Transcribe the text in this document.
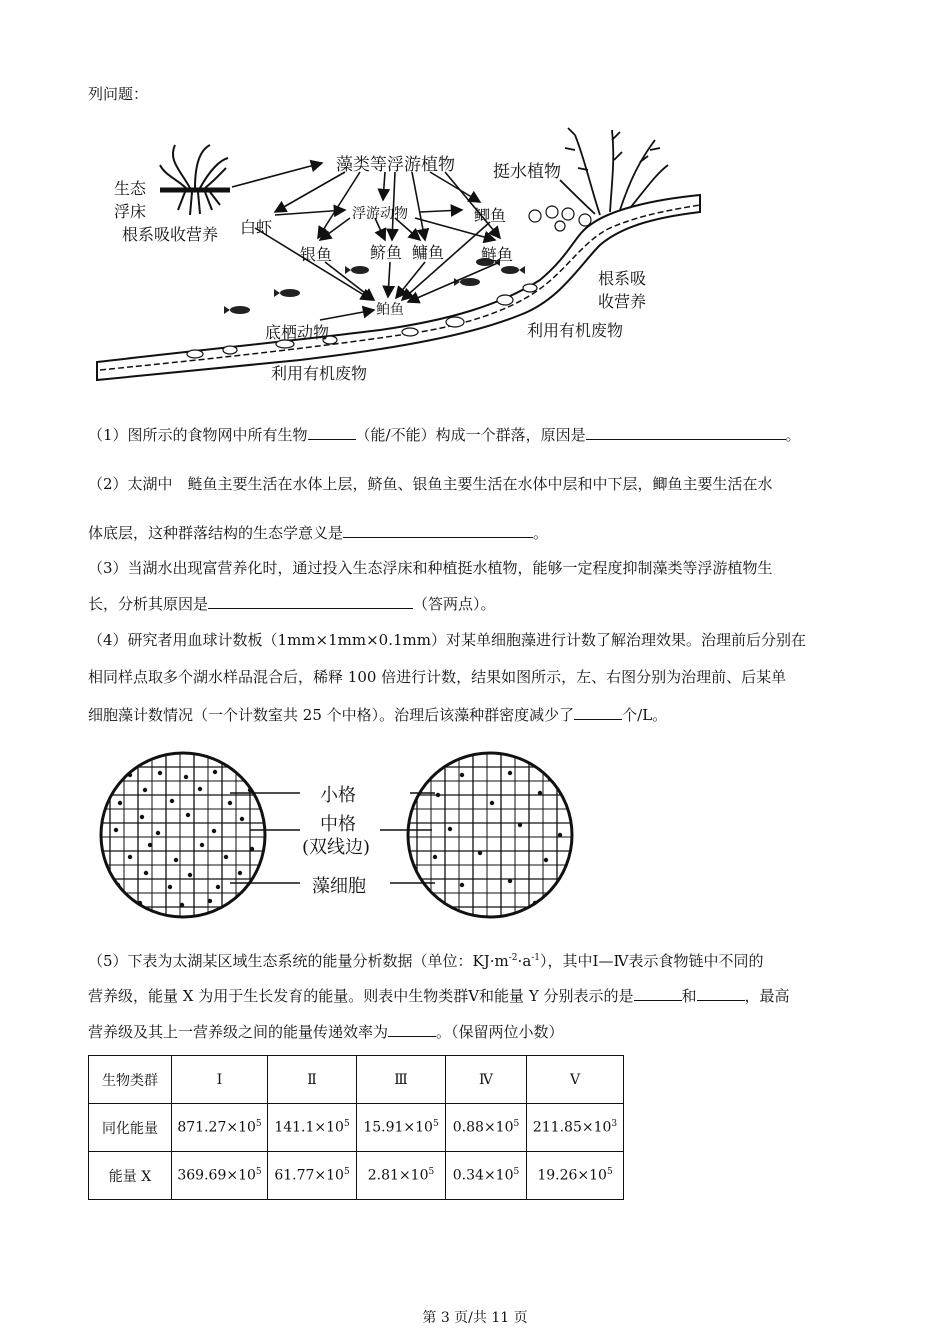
列问题：
藻类等浮游植物 挺水植物
生态
浮床
根系吸收营养
浮游动物
白虾
鲫鱼
银鱼 鲚鱼 鳙鱼 鲢鱼
鲌鱼
根系吸
收营养
底栖动物	利用有机废物
利用有机废物
（1）图所示的食物网中所有生物	（能/不能）构成一个群落，原因是	。
（2）太湖中　鲢鱼主要生活在水体上层，鲚鱼、银鱼主要生活在水体中层和中下层，鲫鱼主要生活在水
体底层，这种群落结构的生态学意义是	。
（3）当湖水出现富营养化时，通过投入生态浮床和种植挺水植物，能够一定程度抑制藻类等浮游植物生
长，分析其原因是	（答两点）。
（4）研究者用血球计数板（1mm×1mm×0.1mm）对某单细胞藻进行计数了解治理效果。治理前后分别在
相同样点取多个湖水样品混合后，稀释 100 倍进行计数，结果如图所示，左、右图分别为治理前、后某单
细胞藻计数情况（一个计数室共 25 个中格）。治理后该藻种群密度减少了	个/L。
小格
中格
(双线边)
藻细胞
（5）下表为太湖某区域生态系统的能量分析数据（单位：$KJ\cdot m^{-2}\cdot a^{-1}$），其中Ⅰ—Ⅳ表示食物链中不同的
营养级，能量 X 为用于生长发育的能量。则表中生物类群Ⅴ和能量 Y 分别表示的是	和	，最高
营养级及其上一营养级之间的能量传递效率为	。（保留两位小数）
生物类群	Ⅰ	Ⅱ	Ⅲ	Ⅳ	Ⅴ
同化能量	$871.27\times 10^5$	$141.1\times 10^5$	$15.91\times 10^5$	$0.88\times 10^5$	$211.85\times 10^3$
能量 X	$369.69\times 10^5$	$61.77\times 10^5$	$2.81\times 10^5$	$0.34\times 10^5$	$19.26\times 10^5$
第 3 页/共 11 页
